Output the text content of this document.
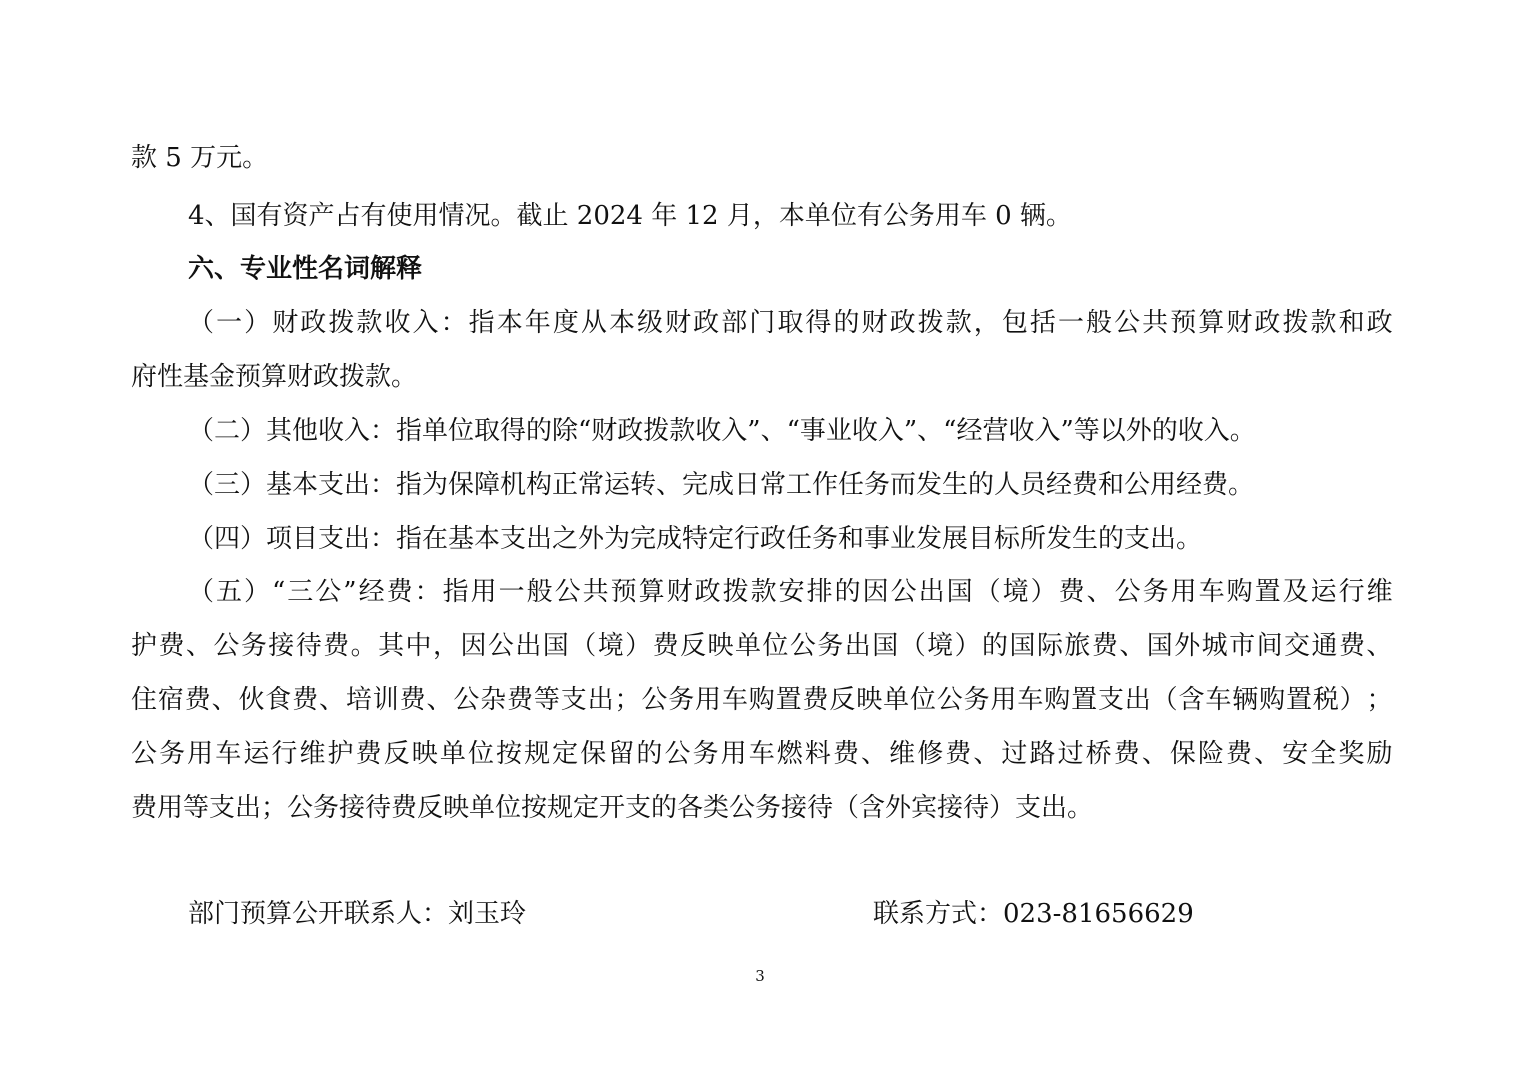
款 5 万元。
4、国有资产占有使用情况。截止 2024 年 12 月，本单位有公务用车 0 辆。
六、专业性名词解释
（ 一 ） 财 政 拨 款 收 入 ： 指 本 年 度 从 本 级 财 政 部 门 取 得 的 财 政 拨 款 ， 包 括 一 般 公 共 预 算 财 政 拨 款 和 政
府性基金预算财政拨款。
（二）其他收入：指单位取得的除“财政拨款收入”、“事业收入”、“经营收入”等以外的收入。
（三）基本支出：指为保障机构正常运转、完成日常工作任务而发生的人员经费和公用经费。
（四）项目支出：指在基本支出之外为完成特定行政任务和事业发展目标所发生的支出。
（ 五 ） “ 三 公 ” 经 费 ： 指 用 一 般 公 共 预 算 财 政 拨 款 安 排 的 因 公 出 国 （ 境 ） 费 、 公 务 用 车 购 置 及 运 行 维
护 费 、 公 务 接 待 费 。 其 中 ， 因 公 出 国 （ 境 ） 费 反 映 单 位 公 务 出 国 （ 境 ） 的 国 际 旅 费 、 国 外 城 市 间 交 通 费 、
住 宿 费 、 伙 食 费 、 培 训 费 、 公 杂 费 等 支 出 ； 公 务 用 车 购 置 费 反 映 单 位 公 务 用 车 购 置 支 出 （ 含 车 辆 购 置 税 ） ；
公 务 用 车 运 行 维 护 费 反 映 单 位 按 规 定 保 留 的 公 务 用 车 燃 料 费 、 维 修 费 、 过 路 过 桥 费 、 保 险 费 、 安 全 奖 励
费用等支出；公务接待费反映单位按规定开支的各类公务接待（含外宾接待）支出。
部门预算公开联系人：刘玉玲	联系方式：023-81656629
3
